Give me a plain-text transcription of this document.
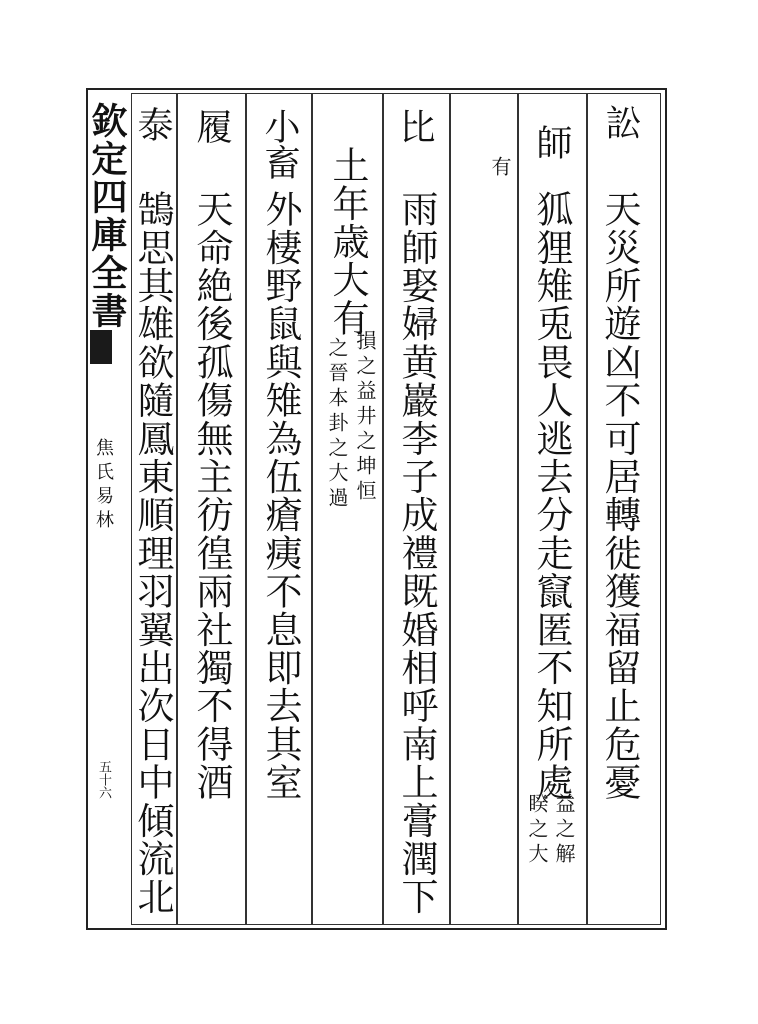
欽定四庫全書
焦氏易林
五十六
訟
天災所遊凶不可居轉徙獲福留止危憂
師
狐狸雉兎畏人逃去分走竄匿不知所處
益之解
睽之大
有
比
雨師娶婦黄巖李子成禮既婚相呼南上膏潤下
土年歳大有
損之益井之坤恒
之晉本卦之大過
小畜
外棲野鼠與雉為伍瘡痍不息即去其室
履
天命絶後孤傷無主彷徨兩社獨不得酒
泰
鵠思其雄欲隨鳳東順理羽翼出次日中傾流北
